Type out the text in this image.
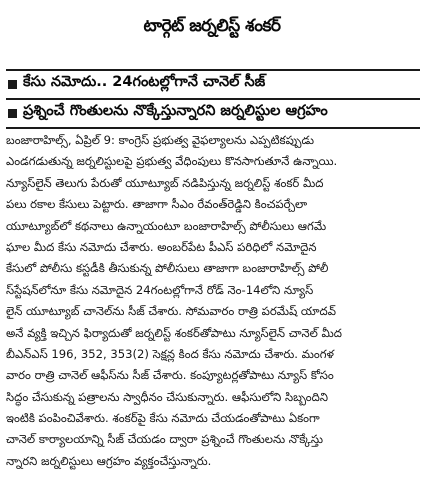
టార్గెట్ జర్నలిస్ట్ శంకర్
కేసు నమోదు.. 24గంటల్లోగానే చానెల్ సీజ్
ప్రశ్నించే గొంతులను నొక్కేస్తున్నారని జర్నలిస్టుల ఆగ్రహం
బంజారాహిల్స్, ఏప్రిల్ 9: కాంగ్రెస్ ప్రభుత్వ వైఫల్యాలను ఎప్పటికప్పుడు
ఎండగడుతున్న జర్నలిస్టులపై ప్రభుత్వ వేధింపులు కొనసాగుతూనే ఉన్నాయి.
న్యూస్‌లైన్ తెలుగు పేరుతో యూట్యూబ్ నడిపిస్తున్న జర్నలిస్ట్ శంకర్ మీద
పలు రకాల కేసులు పెట్టారు. తాజాగా సీఎం రేవంత్‌రెడ్డిని కించపర్చేలా
యూట్యూబ్‌లో కథనాలు ఉన్నాయంటూ బంజారాహిల్స్ పోలీసులు ఆగమే
ఘాల మీద కేసు నమోదు చేశారు. అంబర్‌పేట పీఎస్ పరిధిలో నమోదైన
కేసులో పోలీసు కస్టడీకి తీసుకున్న పోలీసులు తాజాగా బంజారాహిల్స్ పోలీ
స్‌స్టేషన్‌లోనూ కేసు నమోదైన 24గంటల్లోగానే రోడ్ నెం-14లోని న్యూస్
లైన్ యూట్యూబ్ చానెల్‌ను సీజ్ చేశారు. సోమవారం రాత్రి పరమేష్ యాదవ్
అనే వ్యక్తి ఇచ్చిన ఫిర్యాదుతో జర్నలిస్ట్ శంకర్‌తోపాటు న్యూస్‌లైన్ చానెల్ మీద
బీఎన్ఎస్ 196, 352, 353(2) సెక్షన్ల కింద కేసు నమోదు చేశారు. మంగళ
వారం రాత్రి చానెల్ ఆఫీస్‌ను సీజ్ చేశారు. కంప్యూటర్లతోపాటు న్యూస్ కోసం
సిద్ధం చేసుకున్న పత్రాలను స్వాధీనం చేసుకున్నారు. ఆఫీసులోని సిబ్బందిని
ఇంటికి పంపించివేశారు. శంకర్‌పై కేసు నమోదు చేయడంతోపాటు ఏకంగా
చానెల్ కార్యాలయాన్ని సీజ్ చేయడం ద్వారా ప్రశ్నించే గొంతులను నొక్కేస్తు
న్నారని జర్నలిస్టులు ఆగ్రహం వ్యక్తంచేస్తున్నారు.
